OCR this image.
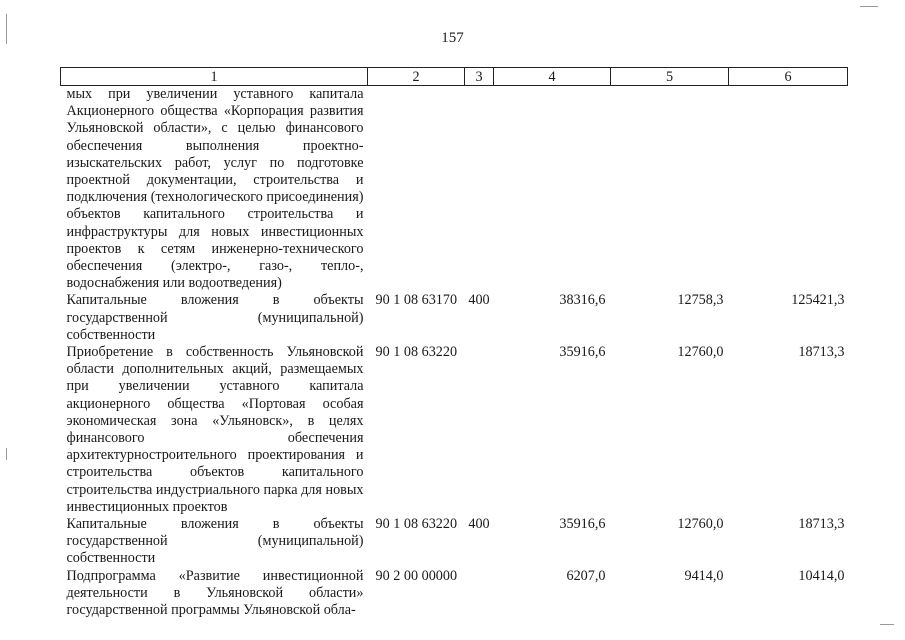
157
1	2	3	4	5	6
мых при увеличении уставного капитала Акционерного общества «Корпорация развития Ульяновской области», с целью финансового обеспечения выполнения проектно-изыскательских работ, услуг по подготовке проектной документации, строительства и подключения (технологического присоединения) объектов капитального строительства и инфраструктуры для новых инвестиционных проектов к сетям инженерно-технического обеспечения (электро-, газо-, тепло-, водоснабжения или водоотведения)					
Капитальные вложения в объекты государственной (муниципальной) собственности	90 1 08 63170	400	38316,6	12758,3	125421,3
Приобретение в собственность Ульяновской области дополнительных акций, размещаемых при увеличении уставного капитала акционерного общества «Портовая особая экономическая зона «Ульяновск», в целях финансового обеспечения архитектурностроительного проектирования и строительства объектов капитального строительства индустриального парка для новых инвестиционных проектов	90 1 08 63220		35916,6	12760,0	18713,3
Капитальные вложения в объекты государственной (муниципальной) собственности	90 1 08 63220	400	35916,6	12760,0	18713,3
Подпрограмма «Развитие инвестиционной деятельности в Ульяновской области» государственной программы Ульяновской обла-	90 2 00 00000		6207,0	9414,0	10414,0
